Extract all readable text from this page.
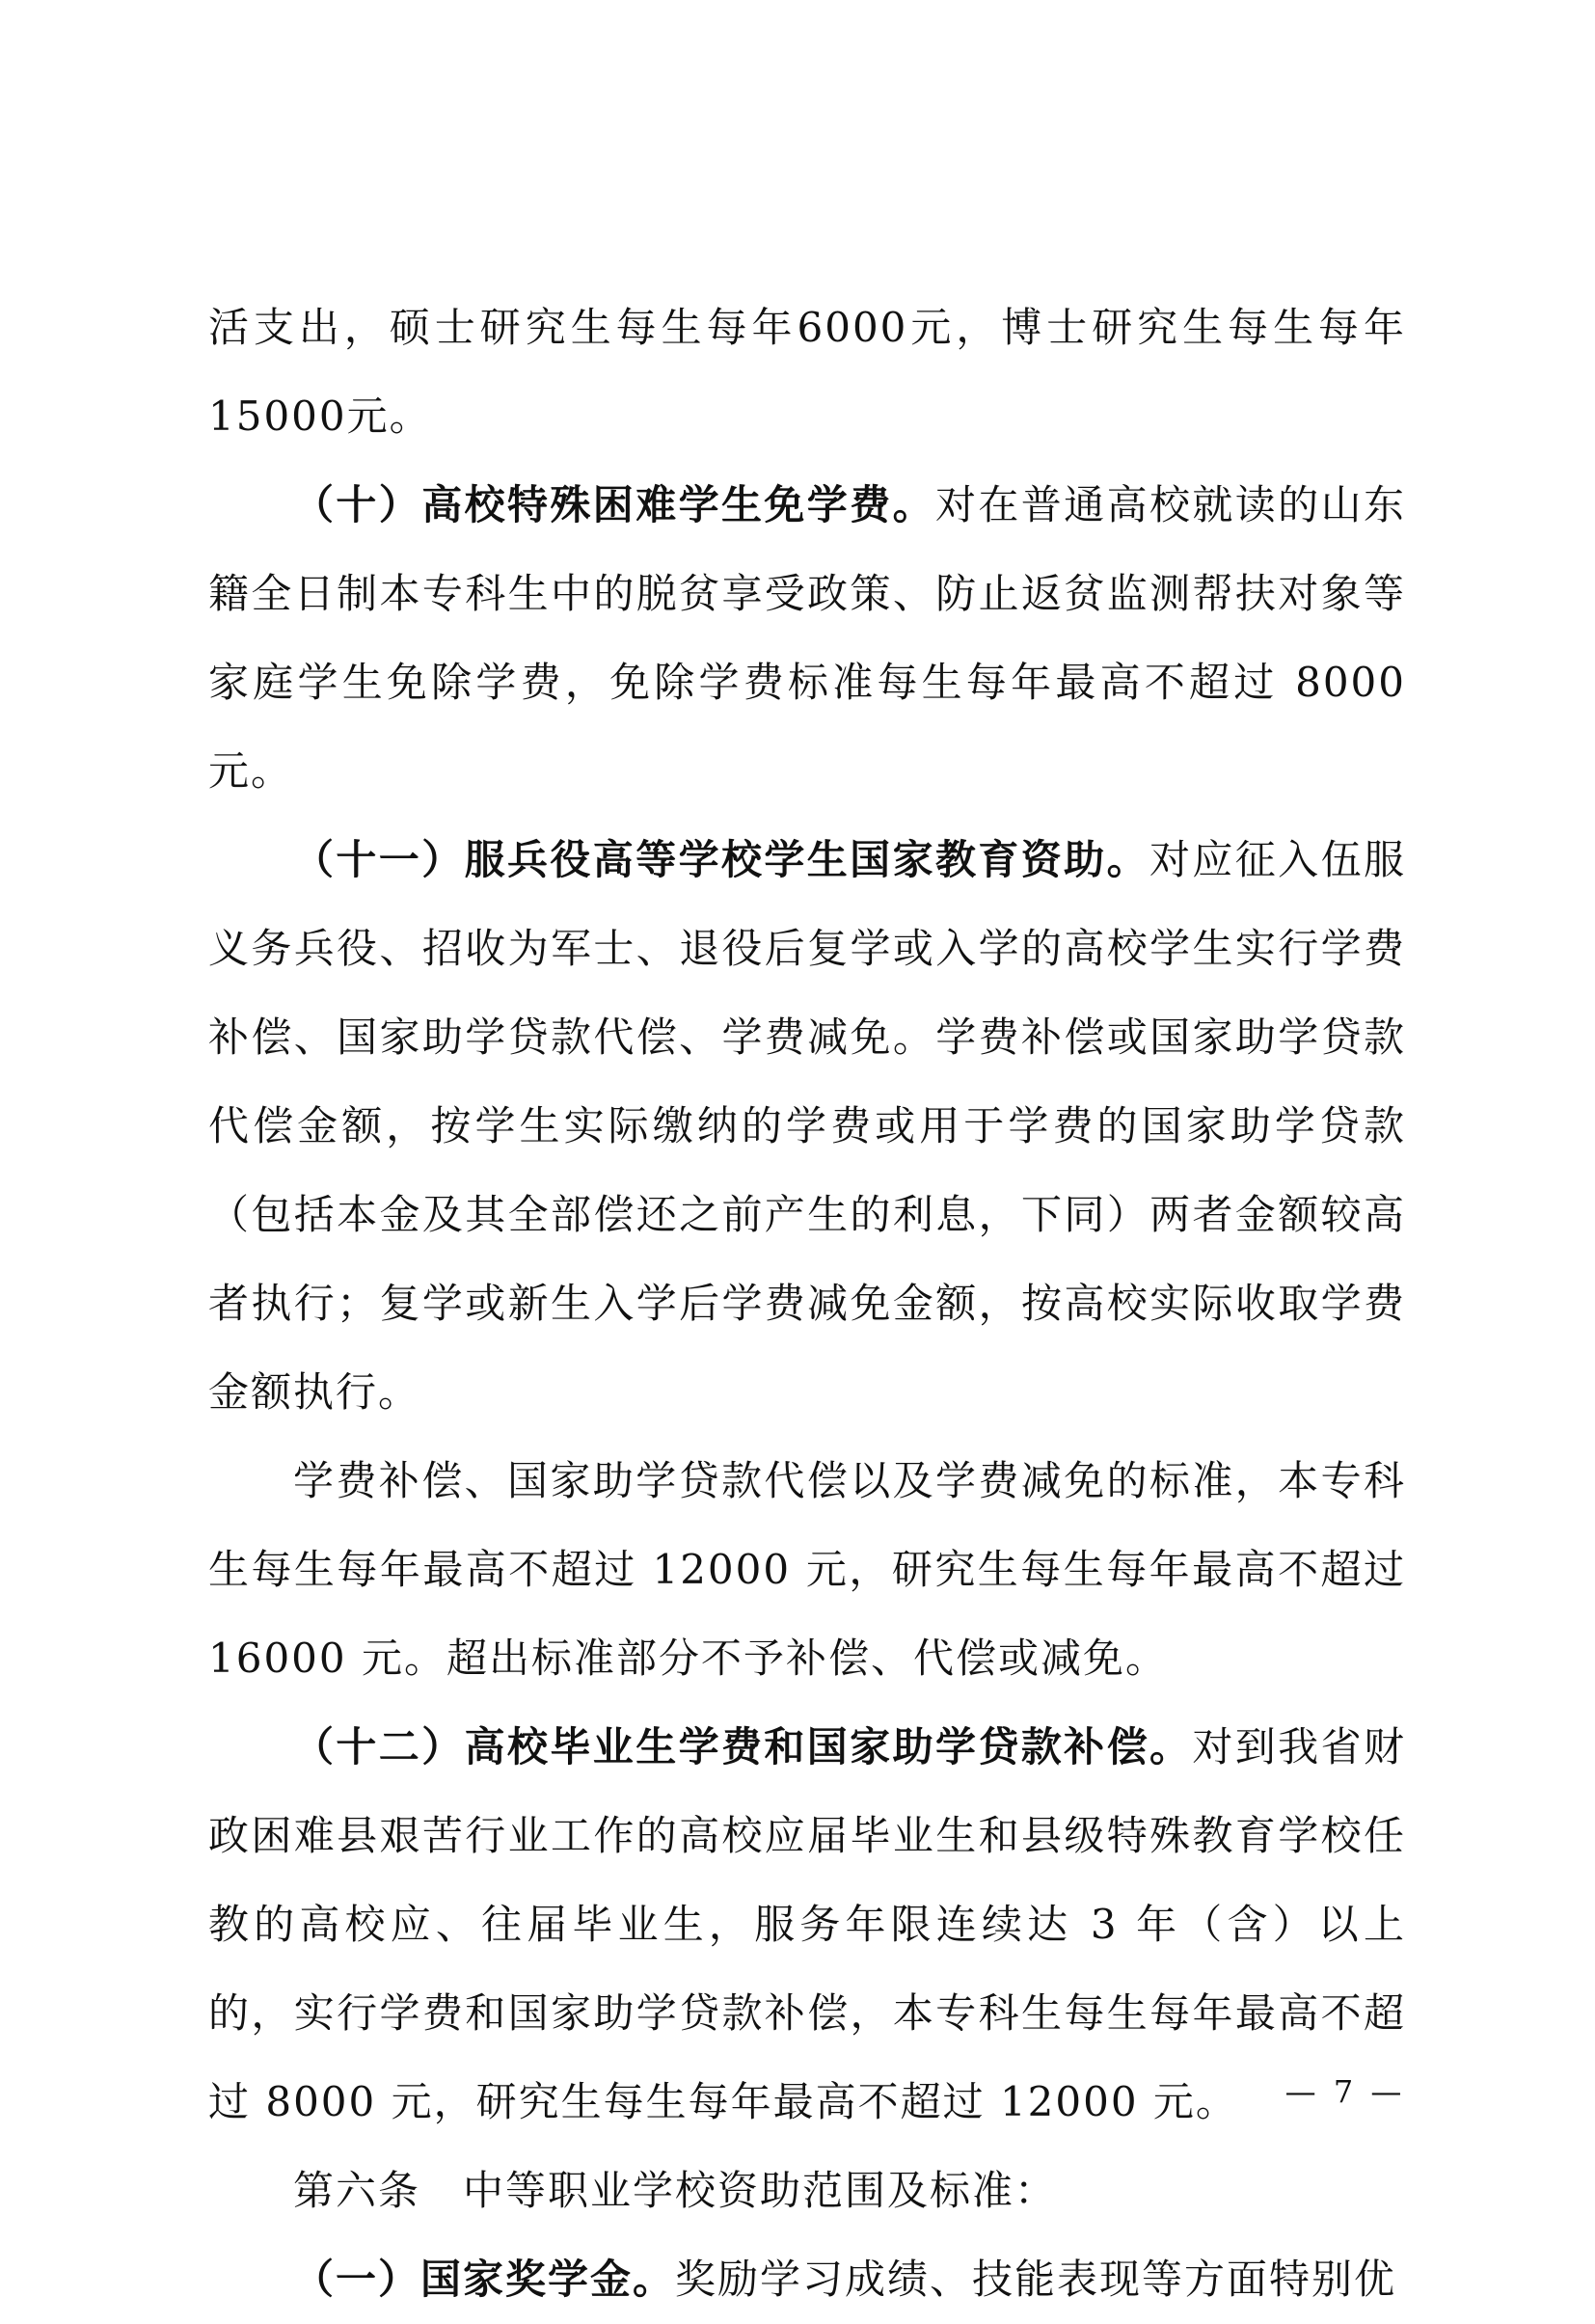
活支出，硕士研究生每生每年6000元，博士研究生每生每年15000元。

（十）高校特殊困难学生免学费。对在普通高校就读的山东籍全日制本专科生中的脱贫享受政策、防止返贫监测帮扶对象等家庭学生免除学费，免除学费标准每生每年最高不超过 8000 元。

（十一）服兵役高等学校学生国家教育资助。对应征入伍服义务兵役、招收为军士、退役后复学或入学的高校学生实行学费补偿、国家助学贷款代偿、学费减免。学费补偿或国家助学贷款代偿金额，按学生实际缴纳的学费或用于学费的国家助学贷款（包括本金及其全部偿还之前产生的利息，下同）两者金额较高者执行；复学或新生入学后学费减免金额，按高校实际收取学费金额执行。

学费补偿、国家助学贷款代偿以及学费减免的标准，本专科生每生每年最高不超过 12000 元，研究生每生每年最高不超过 16000 元。超出标准部分不予补偿、代偿或减免。

（十二）高校毕业生学费和国家助学贷款补偿。对到我省财政困难县艰苦行业工作的高校应届毕业生和县级特殊教育学校任教的高校应、往届毕业生，服务年限连续达 3 年（含）以上的，实行学费和国家助学贷款补偿，本专科生每生每年最高不超过 8000 元，研究生每生每年最高不超过 12000 元。

第六条　中等职业学校资助范围及标准：

（一）国家奖学金。奖励学习成绩、技能表现等方面特别优

— 7 —
